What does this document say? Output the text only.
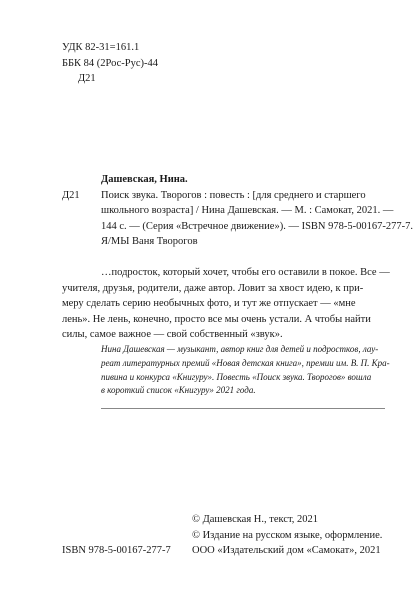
УДК 82-31=161.1
ББК 84 (2Рос-Рус)-44
Д21
Дашевская, Нина.
Д21 Поиск звука. Творогов : повесть : [для среднего и старшего
школьного возраста] / Нина Дашевская. — М. : Самокат, 2021. —
144 с. — (Серия «Встречное движение»). — ISBN 978-5-00167-277-7.
Я/МЫ Ваня Творогов
…подросток, который хочет, чтобы его оставили в покое. Все —
учителя, друзья, родители, даже автор. Ловит за хвост идею, к при-
меру сделать серию необычных фото, и тут же отпускает — «мне
лень». Не лень, конечно, просто все мы очень устали. А чтобы найти
силы, самое важное — свой собственный «звук».
Нина Дашевская — музыкант, автор книг для детей и подростков, лау-
реат литературных премий «Новая детская книга», премии им. В. П. Кра-
пивина и конкурса «Книгуру». Повесть «Поиск звука. Творогов» вошла
в короткий список «Книгуру» 2021 года.
© Дашевская Н., текст, 2021
© Издание на русском языке, оформление.
ООО «Издательский дом «Самокат», 2021
ISBN 978-5-00167-277-7
